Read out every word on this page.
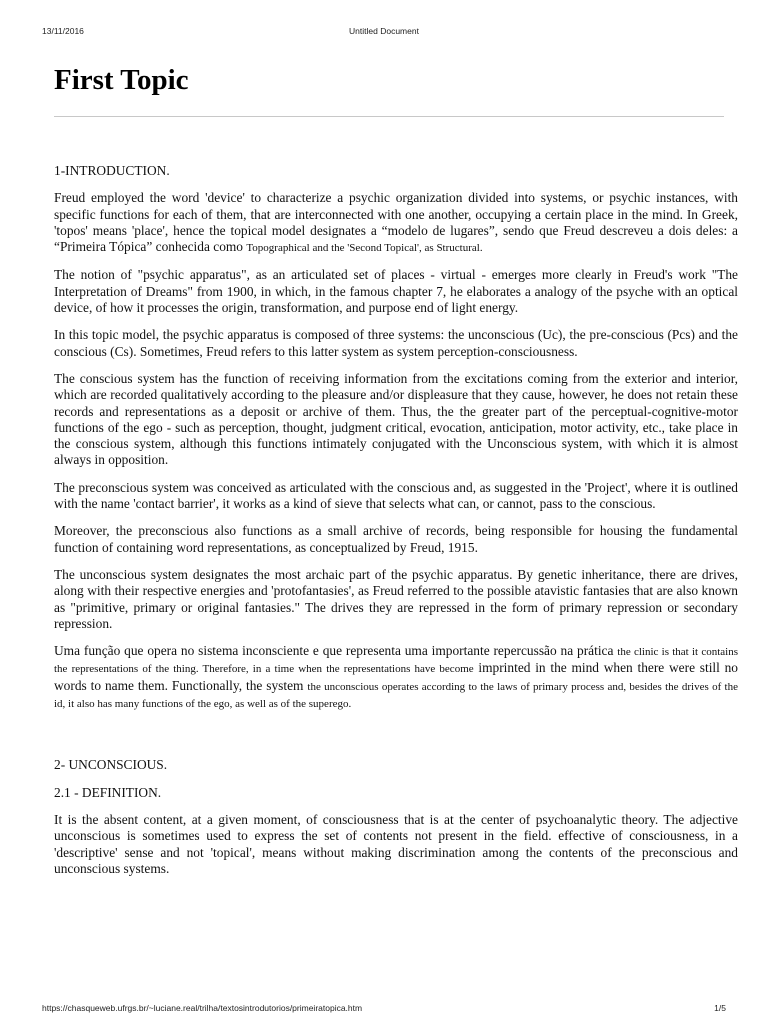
13/11/2016	Untitled Document
First Topic
1-INTRODUCTION.

Freud employed the word 'device' to characterize a psychic organization divided into systems, or psychic instances, with specific functions for each of them, that are interconnected with one another, occupying a certain place in the mind. In Greek, 'topos' means 'place', hence the topical model designates a “modelo de lugares”, sendo que Freud descreveu a dois deles: a “Primeira Tópica” conhecida como Topographical and the 'Second Topical', as Structural.

The notion of "psychic apparatus", as an articulated set of places - virtual - emerges more clearly in Freud's work "The Interpretation of Dreams" from 1900, in which, in the famous chapter 7, he elaborates a analogy of the psyche with an optical device, of how it processes the origin, transformation, and purpose end of light energy.

In this topic model, the psychic apparatus is composed of three systems: the unconscious (Uc), the pre-conscious (Pcs) and the conscious (Cs). Sometimes, Freud refers to this latter system as system perception-consciousness.

The conscious system has the function of receiving information from the excitations coming from the exterior and interior, which are recorded qualitatively according to the pleasure and/or displeasure that they cause, however, he does not retain these records and representations as a deposit or archive of them. Thus, the the greater part of the perceptual-cognitive-motor functions of the ego - such as perception, thought, judgment critical, evocation, anticipation, motor activity, etc., take place in the conscious system, although this functions intimately conjugated with the Unconscious system, with which it is almost always in opposition.

The preconscious system was conceived as articulated with the conscious and, as suggested in the 'Project', where it is outlined with the name 'contact barrier', it works as a kind of sieve that selects what can, or cannot, pass to the conscious.

Moreover, the preconscious also functions as a small archive of records, being responsible for housing the fundamental function of containing word representations, as conceptualized by Freud, 1915.

The unconscious system designates the most archaic part of the psychic apparatus. By genetic inheritance, there are drives, along with their respective energies and 'protofantasies', as Freud referred to the possible atavistic fantasies that are also known as "primitive, primary or original fantasies." The drives they are repressed in the form of primary repression or secondary repression.

Uma função que opera no sistema inconsciente e que representa uma importante repercussão na prática the clinic is that it contains the representations of the thing. Therefore, in a time when the representations have become imprinted in the mind when there were still no words to name them. Functionally, the system the unconscious operates according to the laws of primary process and, besides the drives of the id, it also has many functions of the ego, as well as of the superego.

2- UNCONSCIOUS.
2.1 - DEFINITION.

It is the absent content, at a given moment, of consciousness that is at the center of psychoanalytic theory. The adjective unconscious is sometimes used to express the set of contents not present in the field. effective of consciousness, in a 'descriptive' sense and not 'topical', means without making discrimination among the contents of the preconscious and unconscious systems.

https://chasqueweb.ufrgs.br/~luciane.real/trilha/textosintrodutorios/primeiratopica.htm	1/5
